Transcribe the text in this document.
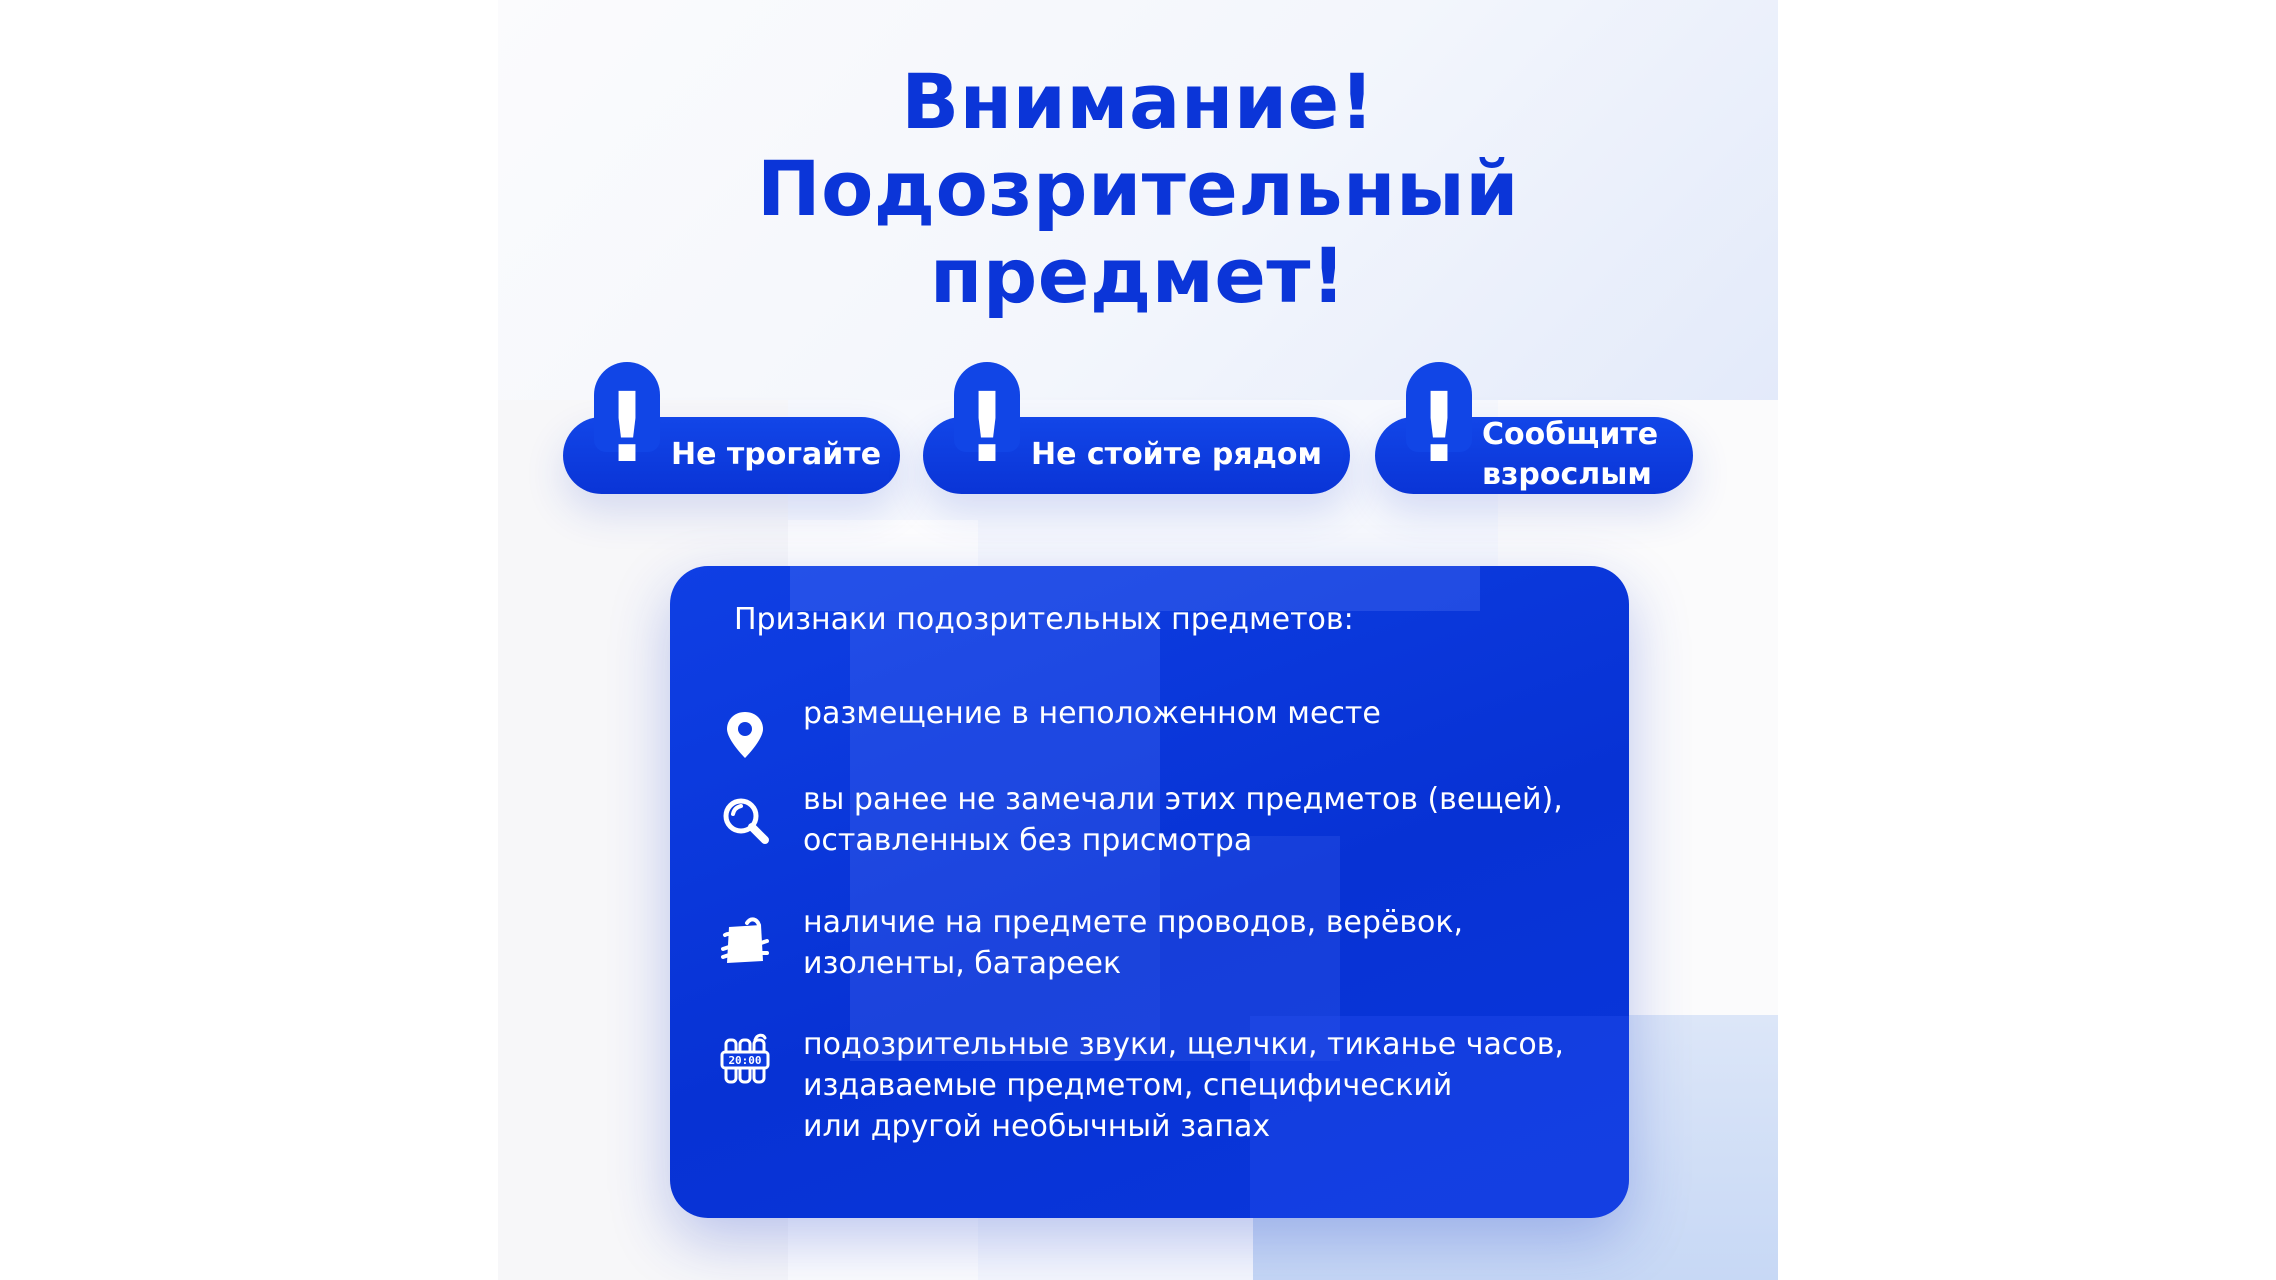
Внимание!
Подозрительный
предмет!
! Не трогайте ! Не стойте рядом ! Сообщите
взрослым
Признаки подозрительных предметов:
размещение в неположенном месте
вы ранее не замечали этих предметов (вещей),
оставленных без присмотра
наличие на предмете проводов, верёвок,
изоленты, батареек
20:00 подозрительные звуки, щелчки, тиканье часов,
издаваемые предметом, специфический
или другой необычный запах
